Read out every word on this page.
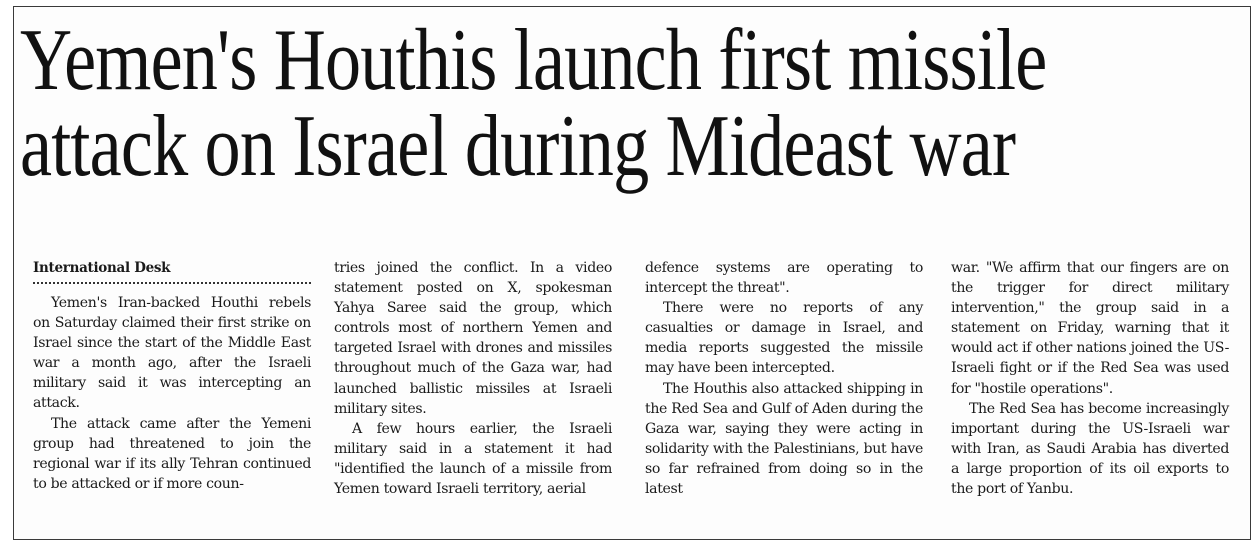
Yemen's Houthis launch first missile
attack on Israel during Mideast war
International Desk

Yemen's Iran-backed Houthi rebels on Saturday claimed their first strike on Israel since the start of the Middle East war a month ago, after the Israeli military said it was intercepting an attack.

The attack came after the Yemeni group had threatened to join the regional war if its ally Tehran continued to be attacked or if more coun-

tries joined the conflict. In a video statement posted on X, spokesman Yahya Saree said the group, which controls most of northern Yemen and targeted Israel with drones and missiles throughout much of the Gaza war, had launched ballistic missiles at Israeli military sites.

A few hours earlier, the Israeli military said in a statement it had "identified the launch of a missile from Yemen toward Israeli territory, aerial

defence systems are operating to intercept the threat".

There were no reports of any casualties or damage in Israel, and media reports suggested the missile may have been intercepted.

The Houthis also attacked shipping in the Red Sea and Gulf of Aden during the Gaza war, saying they were acting in solidarity with the Palestinians, but have so far refrained from doing so in the latest

war. "We affirm that our fingers are on the trigger for direct military intervention," the group said in a statement on Friday, warning that it would act if other nations joined the US-Israeli fight or if the Red Sea was used for "hostile operations".

The Red Sea has become increasingly important during the US-Israeli war with Iran, as Saudi Arabia has diverted a large proportion of its oil exports to the port of Yanbu.
